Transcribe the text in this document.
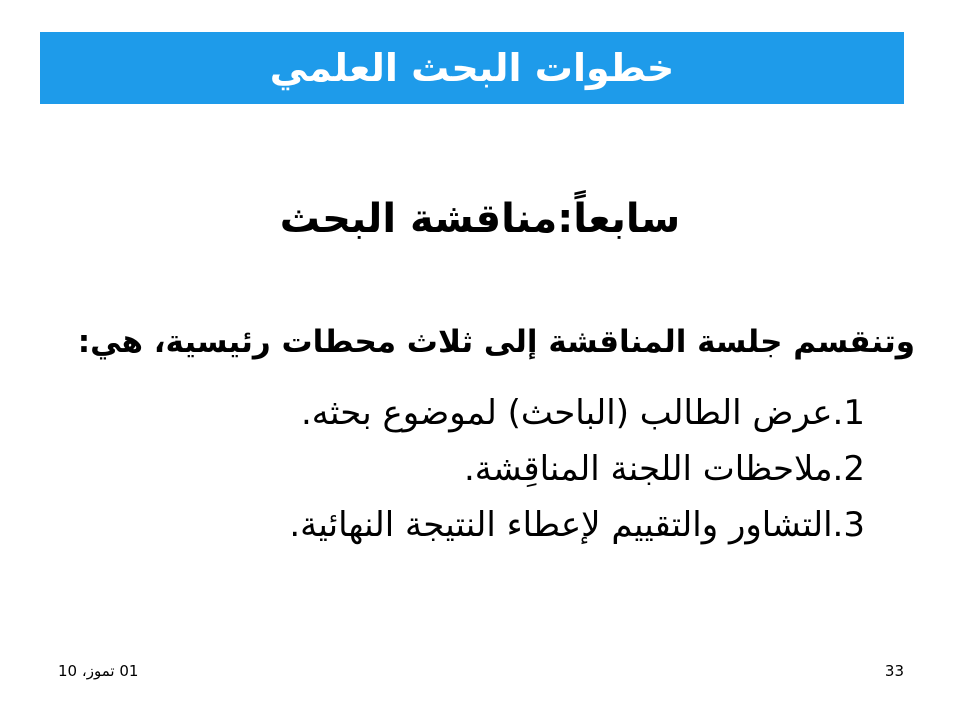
خطوات البحث العلمي
سابعاً:مناقشة البحث
وتنقسم جلسة المناقشة إلى ثلاث محطات رئيسية، هي:
1.عرض الطالب (الباحث) لموضوع بحثه.
2.ملاحظات اللجنة المناقِشة.
3.التشاور والتقييم لإعطاء النتيجة النهائية.
01 تموز، 10	33
